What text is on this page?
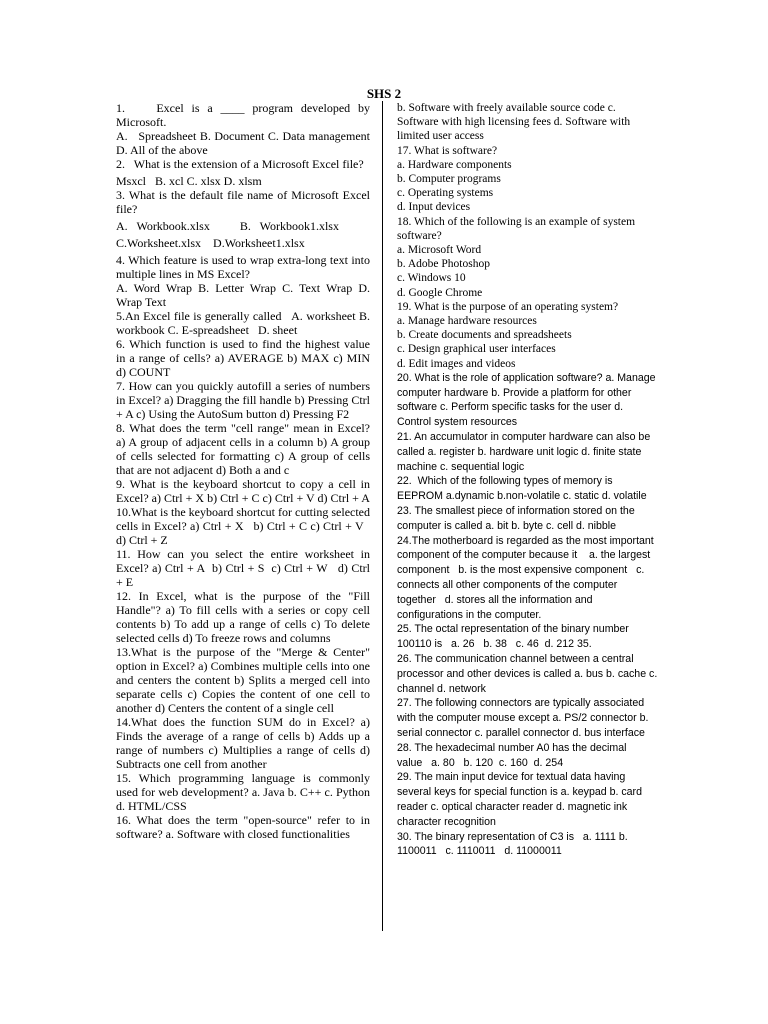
SHS 2

1.    Excel is a ____ program developed by Microsoft.

A.   Spreadsheet B. Document C. Data management D. All of the above

2.   What is the extension of a Microsoft Excel file?

Msxcl   B. xcl C. xlsx D. xlsm

3. What is the default file name of Microsoft Excel file?

A.   Workbook.xlsx          B.   Workbook1.xlsx

C.Worksheet.xlsx    D.Worksheet1.xlsx

4. Which feature is used to wrap extra-long text into multiple lines in MS Excel?

A. Word Wrap B. Letter Wrap C. Text Wrap D. Wrap Text

5.An Excel file is generally called   A. worksheet B. workbook C. E-spreadsheet   D. sheet

6. Which function is used to find the highest value in a range of cells? a) AVERAGE b) MAX c) MIN d) COUNT

7. How can you quickly autofill a series of numbers in Excel? a) Dragging the fill handle b) Pressing Ctrl + A c) Using the AutoSum button d) Pressing F2

8. What does the term "cell range" mean in Excel? a) A group of adjacent cells in a column b) A group of cells selected for formatting c) A group of cells that are not adjacent d) Both a and c

9. What is the keyboard shortcut to copy a cell in Excel? a) Ctrl + X b) Ctrl + C c) Ctrl + V d) Ctrl + A

10.What is the keyboard shortcut for cutting selected cells in Excel? a) Ctrl + X   b) Ctrl + C c) Ctrl + V   d) Ctrl + Z

11. How can you select the entire worksheet in Excel? a) Ctrl + A  b) Ctrl + S  c) Ctrl + W   d) Ctrl + E

12. In Excel, what is the purpose of the "Fill Handle"? a) To fill cells with a series or copy cell contents b) To add up a range of cells c) To delete selected cells d) To freeze rows and columns

13.What is the purpose of the "Merge & Center" option in Excel? a) Combines multiple cells into one and centers the content b) Splits a merged cell into separate cells c) Copies the content of one cell to another d) Centers the content of a single cell

14.What does the function SUM do in Excel? a) Finds the average of a range of cells b) Adds up a range of numbers c) Multiplies a range of cells d) Subtracts one cell from another

15. Which programming language is commonly used for web development? a. Java b. C++ c. Python d. HTML/CSS

16. What does the term "open-source" refer to in software? a. Software with closed functionalities

b. Software with freely available source code c. Software with high licensing fees d. Software with limited user access

17. What is software?

a. Hardware components

b. Computer programs

c. Operating systems

d. Input devices

18. Which of the following is an example of system software?

a. Microsoft Word

b. Adobe Photoshop

c. Windows 10

d. Google Chrome

19. What is the purpose of an operating system?

a. Manage hardware resources

b. Create documents and spreadsheets

c. Design graphical user interfaces

d. Edit images and videos

20. What is the role of application software? a. Manage computer hardware b. Provide a platform for other software c. Perform specific tasks for the user d. Control system resources

21. An accumulator in computer hardware can also be called a. register b. hardware unit logic d. finite state machine c. sequential logic

22.  Which of the following types of memory is EEPROM a.dynamic b.non-volatile c. static d. volatile

23. The smallest piece of information stored on the computer is called a. bit b. byte c. cell d. nibble

24.The motherboard is regarded as the most important component of the computer because it    a. the largest component   b. is the most expensive component   c. connects all other components of the computer together   d. stores all the information and configurations in the computer.

25. The octal representation of the binary number 100110 is   a. 26   b. 38   c. 46  d. 212 35.

26. The communication channel between a central processor and other devices is called a. bus b. cache c. channel d. network

27. The following connectors are typically associated with the computer mouse except a. PS/2 connector b. serial connector c. parallel connector d. bus interface

28. The hexadecimal number A0 has the decimal value   a. 80   b. 120  c. 160  d. 254

29. The main input device for textual data having several keys for special function is a. keypad b. card reader c. optical character reader d. magnetic ink character recognition

30. The binary representation of C3 is   a. 1111 b. 1100011   c. 1110011   d. 11000011
